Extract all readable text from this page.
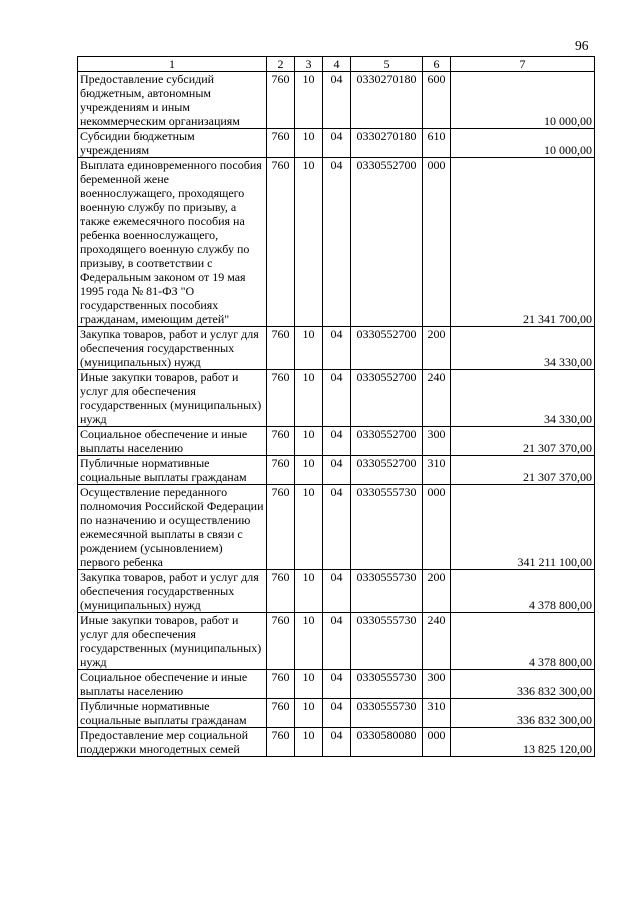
96
1	2	3	4	5	6	7
Предоставление субсидий бюджетным, автономным учреждениям и иным некоммерческим организациям	760	10	04	0330270180	600	10 000,00
Субсидии бюджетным учреждениям	760	10	04	0330270180	610	10 000,00
Выплата единовременного пособия беременной жене военнослужащего, проходящего военную службу по призыву, а также ежемесячного пособия на ребенка военнослужащего, проходящего военную службу по призыву, в соответствии с Федеральным законом от 19 мая 1995 года № 81-ФЗ "О государственных пособиях гражданам, имеющим детей"	760	10	04	0330552700	000	21 341 700,00
Закупка товаров, работ и услуг для обеспечения государственных (муниципальных) нужд	760	10	04	0330552700	200	34 330,00
Иные закупки товаров, работ и услуг для обеспечения государственных (муниципальных) нужд	760	10	04	0330552700	240	34 330,00
Социальное обеспечение и иные выплаты населению	760	10	04	0330552700	300	21 307 370,00
Публичные нормативные социальные выплаты гражданам	760	10	04	0330552700	310	21 307 370,00
Осуществление переданного полномочия Российской Федерации по назначению и осуществлению ежемесячной выплаты в связи с рождением (усыновлением) первого ребенка	760	10	04	0330555730	000	341 211 100,00
Закупка товаров, работ и услуг для обеспечения государственных (муниципальных) нужд	760	10	04	0330555730	200	4 378 800,00
Иные закупки товаров, работ и услуг для обеспечения государственных (муниципальных) нужд	760	10	04	0330555730	240	4 378 800,00
Социальное обеспечение и иные выплаты населению	760	10	04	0330555730	300	336 832 300,00
Публичные нормативные социальные выплаты гражданам	760	10	04	0330555730	310	336 832 300,00
Предоставление мер социальной поддержки многодетных семей	760	10	04	0330580080	000	13 825 120,00
